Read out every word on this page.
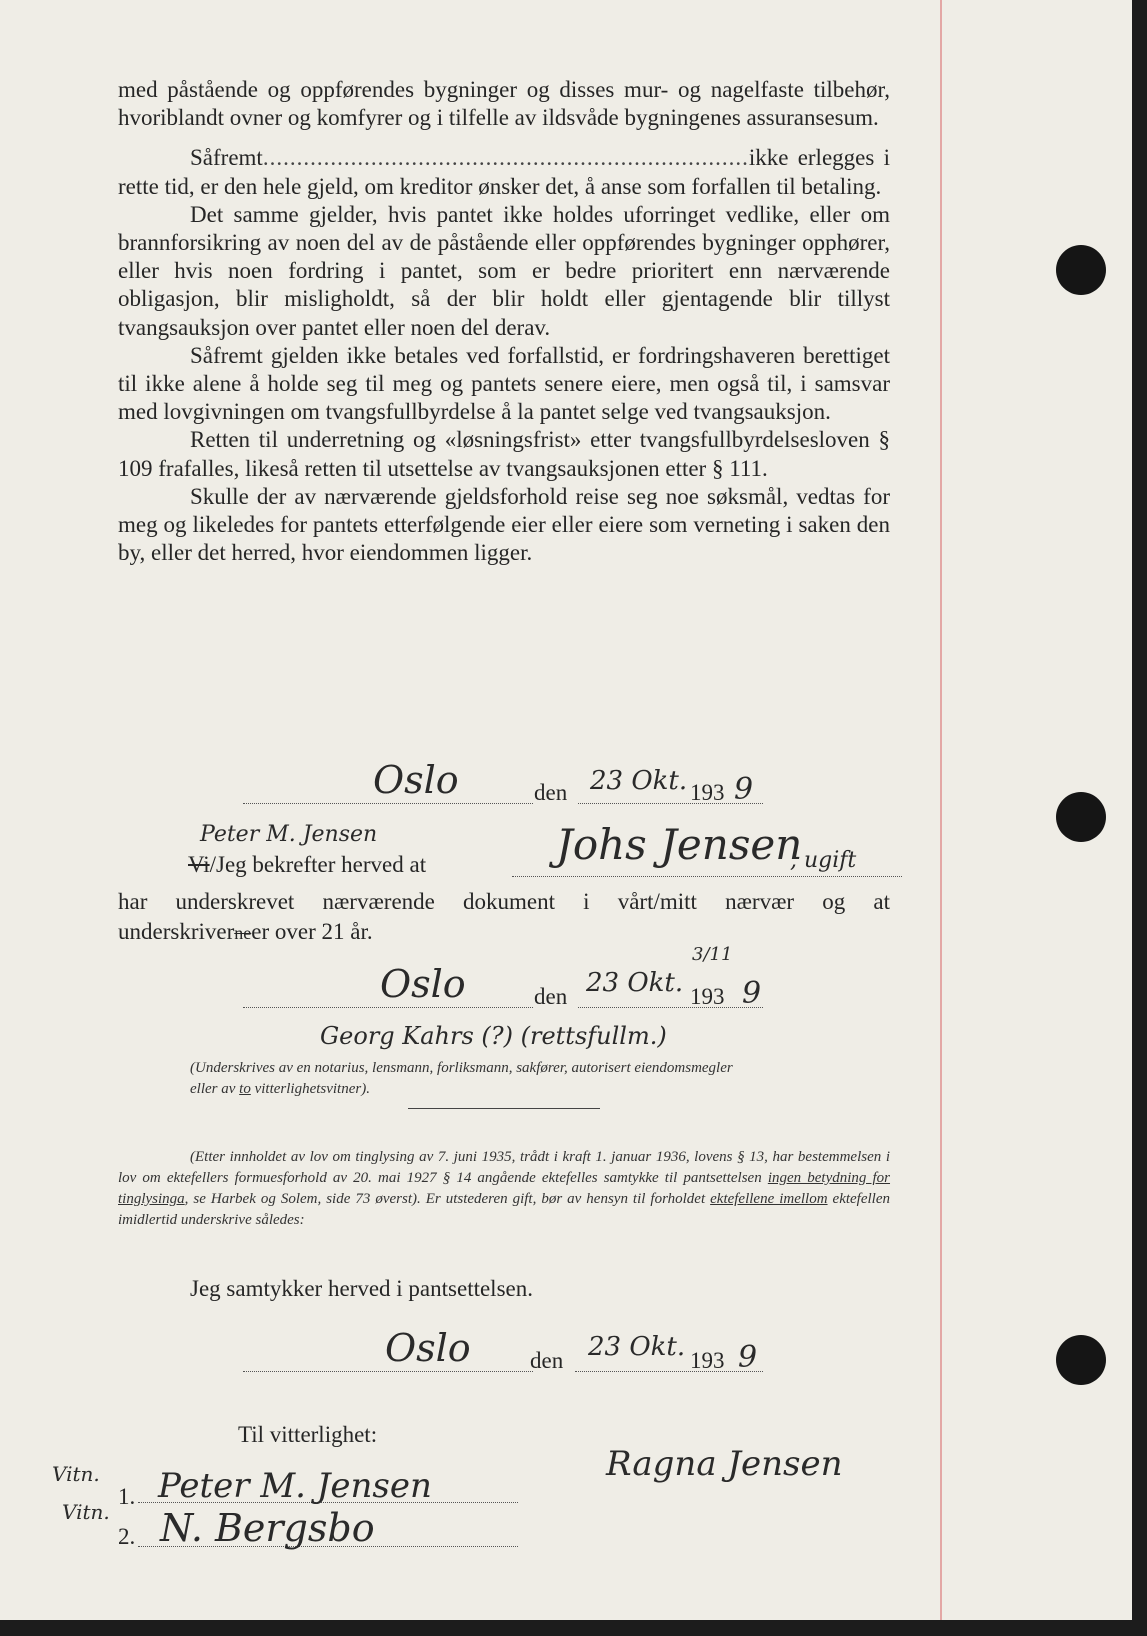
med påstående og oppførendes bygninger og disses mur- og nagelfaste tilbehør, hvoriblandt ovner og komfyrer og i tilfelle av ildsvåde bygningenes assuransesum.

Såfremt........................................................................ikke erlegges i rette tid, er den hele gjeld, om kreditor ønsker det, å anse som forfallen til betaling.

Det samme gjelder, hvis pantet ikke holdes uforringet vedlike, eller om brannforsikring av noen del av de påstående eller oppførendes bygninger opphører, eller hvis noen fordring i pantet, som er bedre prioritert enn nærværende obligasjon, blir misligholdt, så der blir holdt eller gjentagende blir tillyst tvangsauksjon over pantet eller noen del derav.

Såfremt gjelden ikke betales ved forfallstid, er fordringshaveren berettiget til ikke alene å holde seg til meg og pantets senere eiere, men også til, i samsvar med lovgivningen om tvangsfullbyrdelse å la pantet selge ved tvangsauksjon.

Retten til underretning og «løsningsfrist» etter tvangsfullbyrdelsesloven § 109 frafalles, likeså retten til utsettelse av tvangsauksjonen etter § 111.

Skulle der av nærværende gjeldsforhold reise seg noe søksmål, vedtas for meg og likeledes for pantets etterfølgende eier eller eiere som verneting i saken den by, eller det herred, hvor eiendommen ligger.

Oslo	den 23 Okt. 193 9
Peter M. Jensen
Vi/Jeg bekrefter herved at	Johs Jensen
, ugift
har underskrevet nærværende dokument i vårt/mitt nærvær og at
underskriverneer over 21 år.
Oslo	den 23 Okt.
3/11
193 9
Georg Kahrs (?) (rettsfullm.)
(Underskrives av en notarius, lensmann, forliksmann, sakfører, autorisert eiendomsmegler
eller av to vitterlighetsvitner).
(Etter innholdet av lov om tinglysing av 7. juni 1935, trådt i kraft 1. januar 1936, lovens § 13, har bestemmelsen i lov om ektefellers formuesforhold av 20. mai 1927 § 14 angående ektefelles samtykke til pantsettelsen ingen betydning for tinglysinga, se Harbek og Solem, side 73 øverst). Er utstederen gift, bør av hensyn til forholdet ektefellene imellom ektefellen imidlertid underskrive således:
Jeg samtykker herved i pantsettelsen.
Oslo	den 23 Okt. 193 9
Til vitterlighet:
Ragna Jensen
Vitn.
1. Peter M. Jensen
Vitn.
2. N. Bergsbo
